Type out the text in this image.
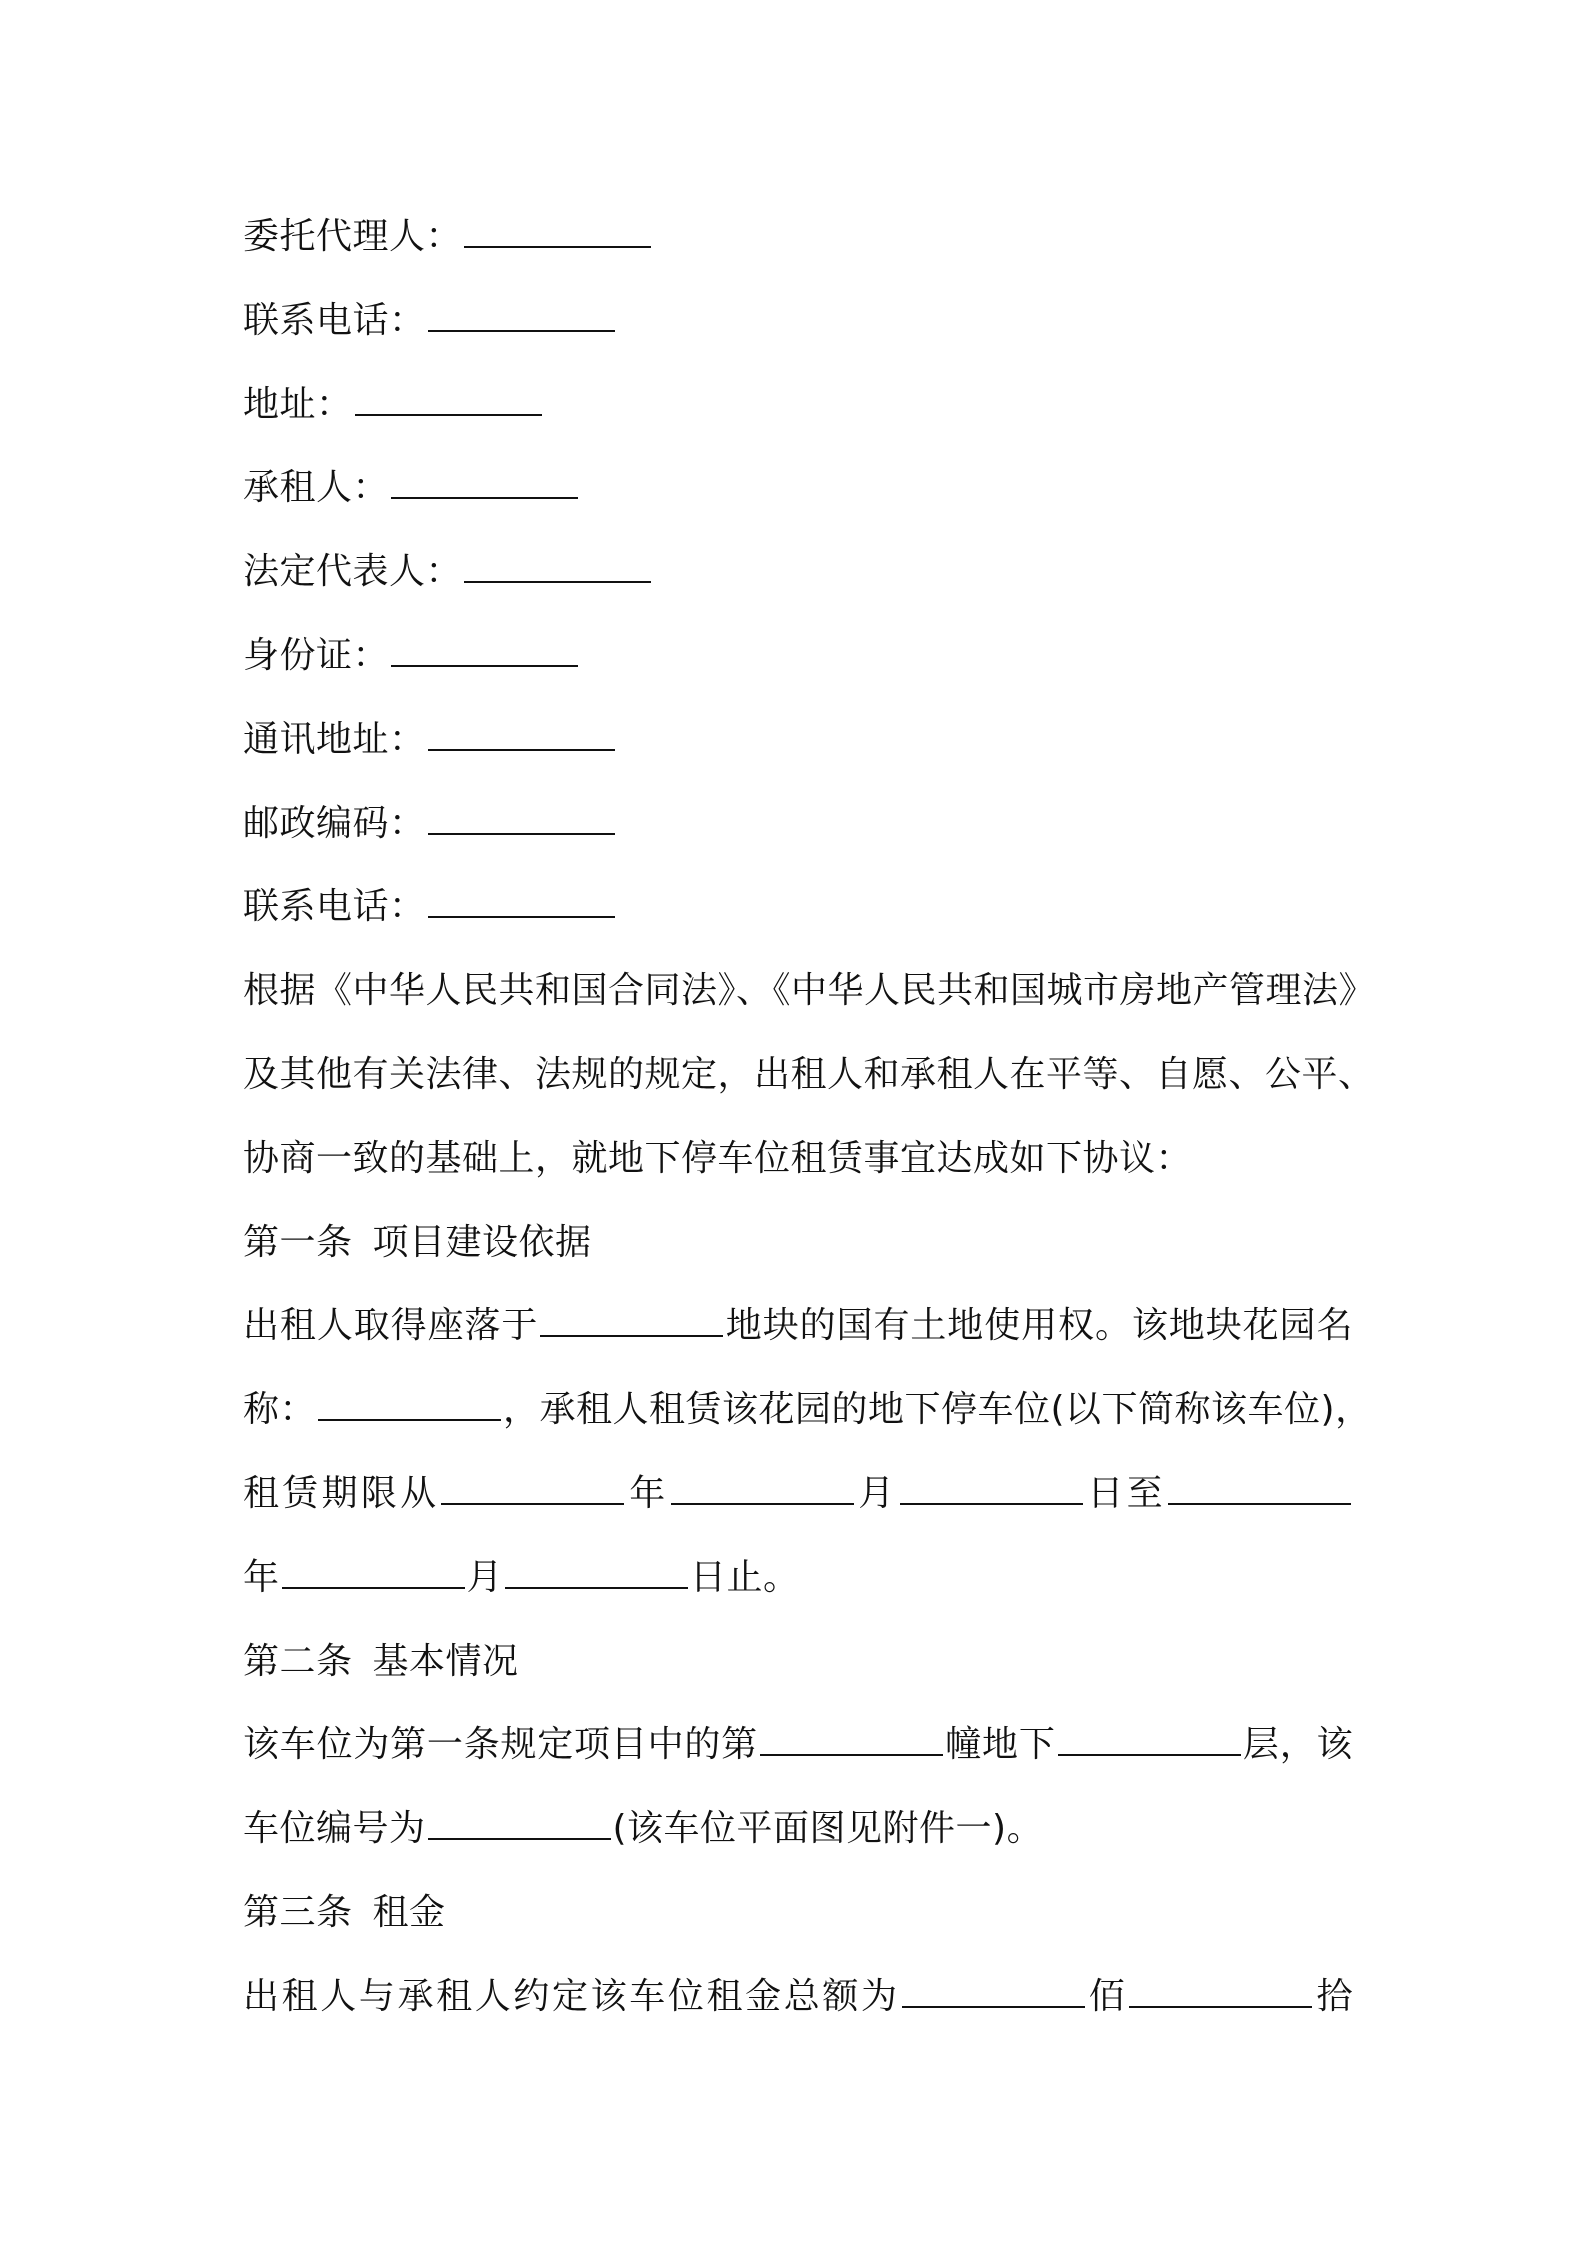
委托代理人：
联系电话：
地址：
承租人：
法定代表人：
身份证：
通讯地址：
邮政编码：
联系电话：
根据《中华人民共和国合同法》、《中华人民共和国城市房地产管理法》
及其他有关法律、法规的规定，出租人和承租人在平等、自愿、公平、
协商一致的基础上，就地下停车位租赁事宜达成如下协议：
第一条 项目建设依据
出租人取得座落于	地块的国有土地使用权。该地块花园名
称：	，承租人租赁该花园的地下停车位(以下简称该车位)，
租赁期限从	年	月	日至
年	月	日止。
第二条 基本情况
该车位为第一条规定项目中的第	幢地下	层，该
车位编号为	(该车位平面图见附件一)。
第三条 租金
出租人与承租人约定该车位租金总额为	佰	拾
